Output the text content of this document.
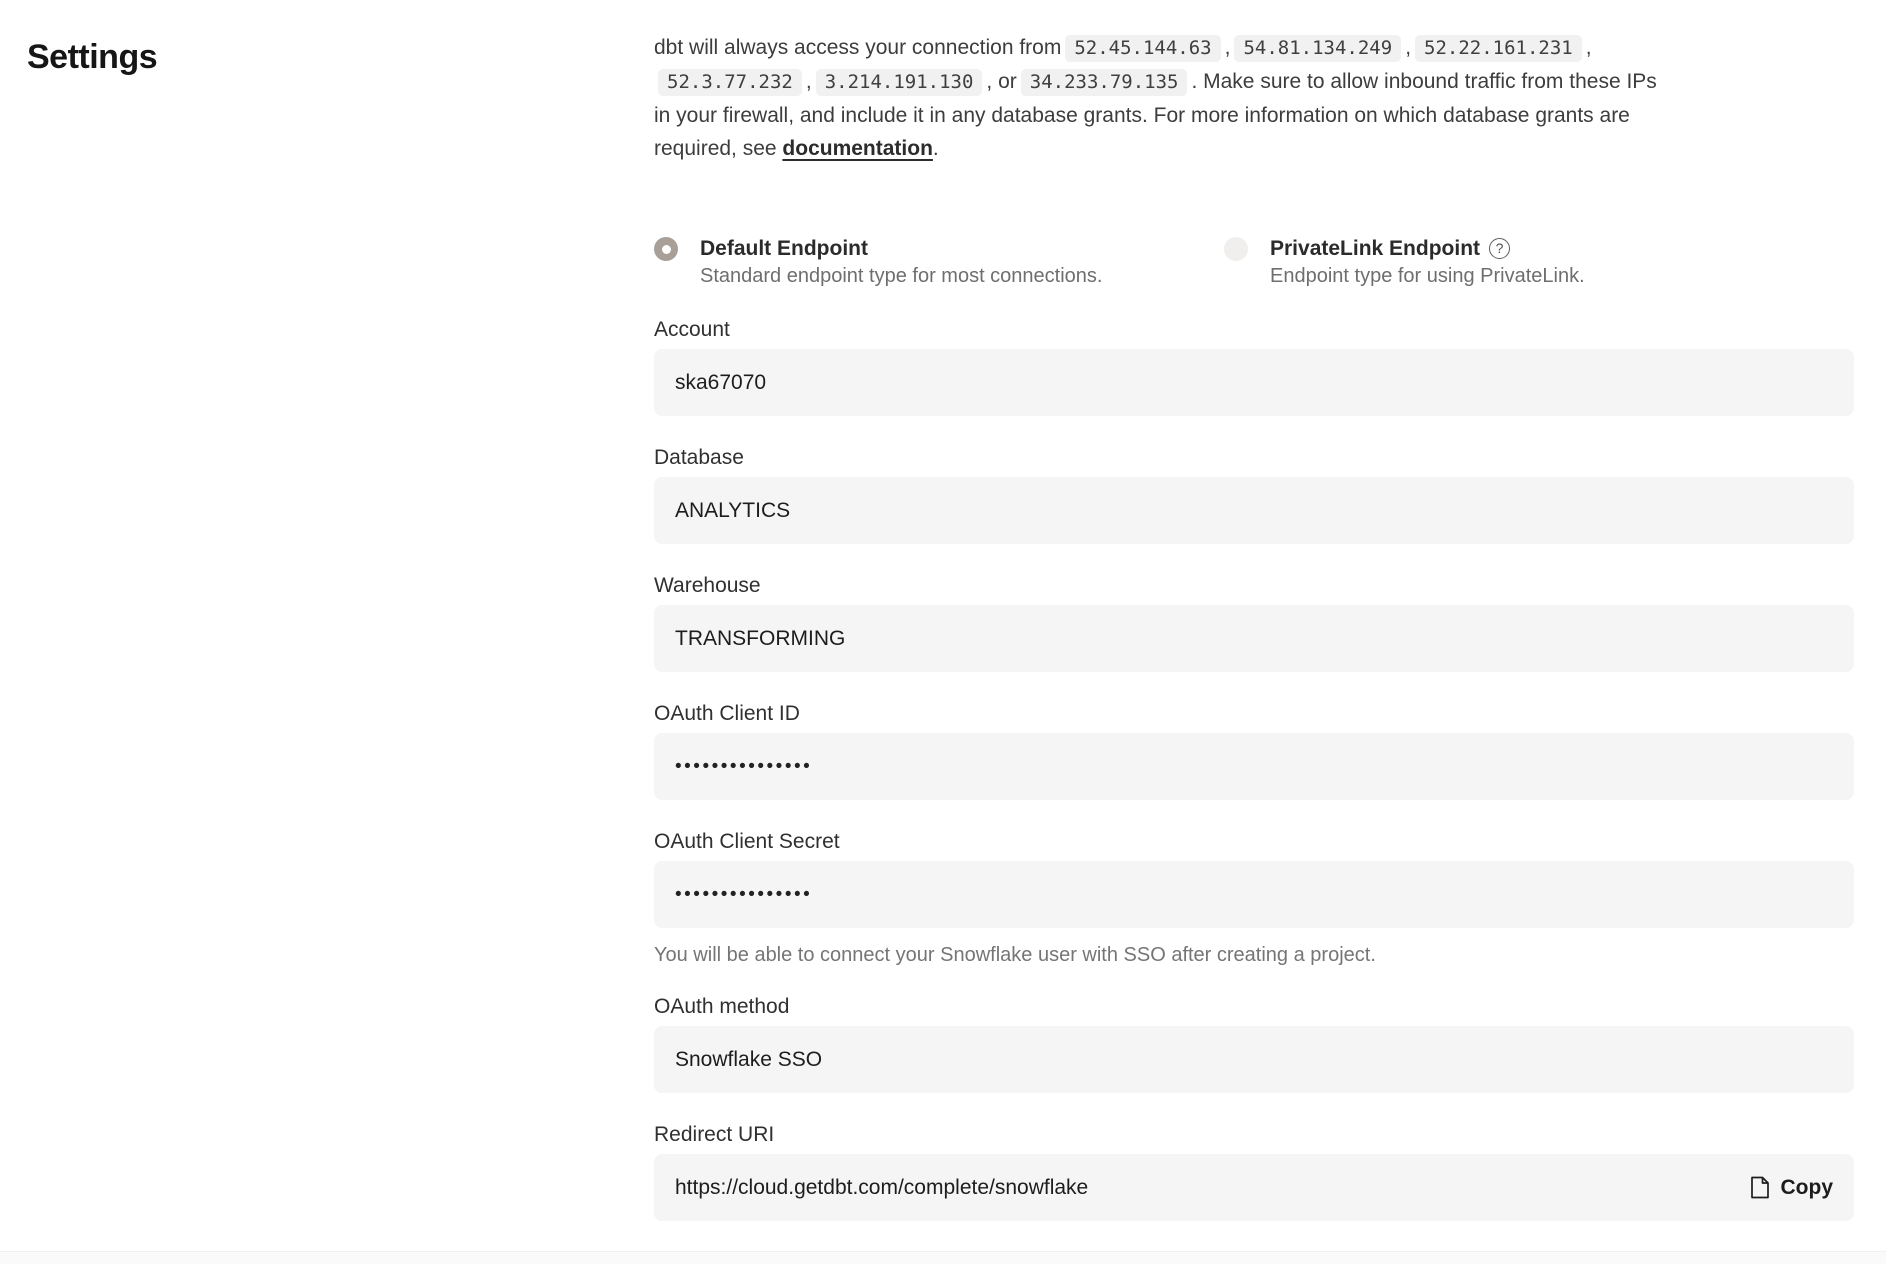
Settings	dbt will always access your connection from 52.45.144.63 , 54.81.134.249 , 52.22.161.231 ,
52.3.77.232 , 3.214.191.130 , or 34.233.79.135 . Make sure to allow inbound traffic from these IPs
in your firewall, and include it in any database grants. For more information on which database grants are
required, see documentation.

Default Endpoint
Standard endpoint type for most connections.
PrivateLink Endpoint	?
Endpoint type for using PrivateLink.
Account
ska67070
Database
ANALYTICS
Warehouse
TRANSFORMING
OAuth Client ID
•••••••••••••••
OAuth Client Secret
•••••••••••••••
You will be able to connect your Snowflake user with SSO after creating a project.
OAuth method
Snowflake SSO
Redirect URI
https://cloud.getdbt.com/complete/snowflake	Copy
